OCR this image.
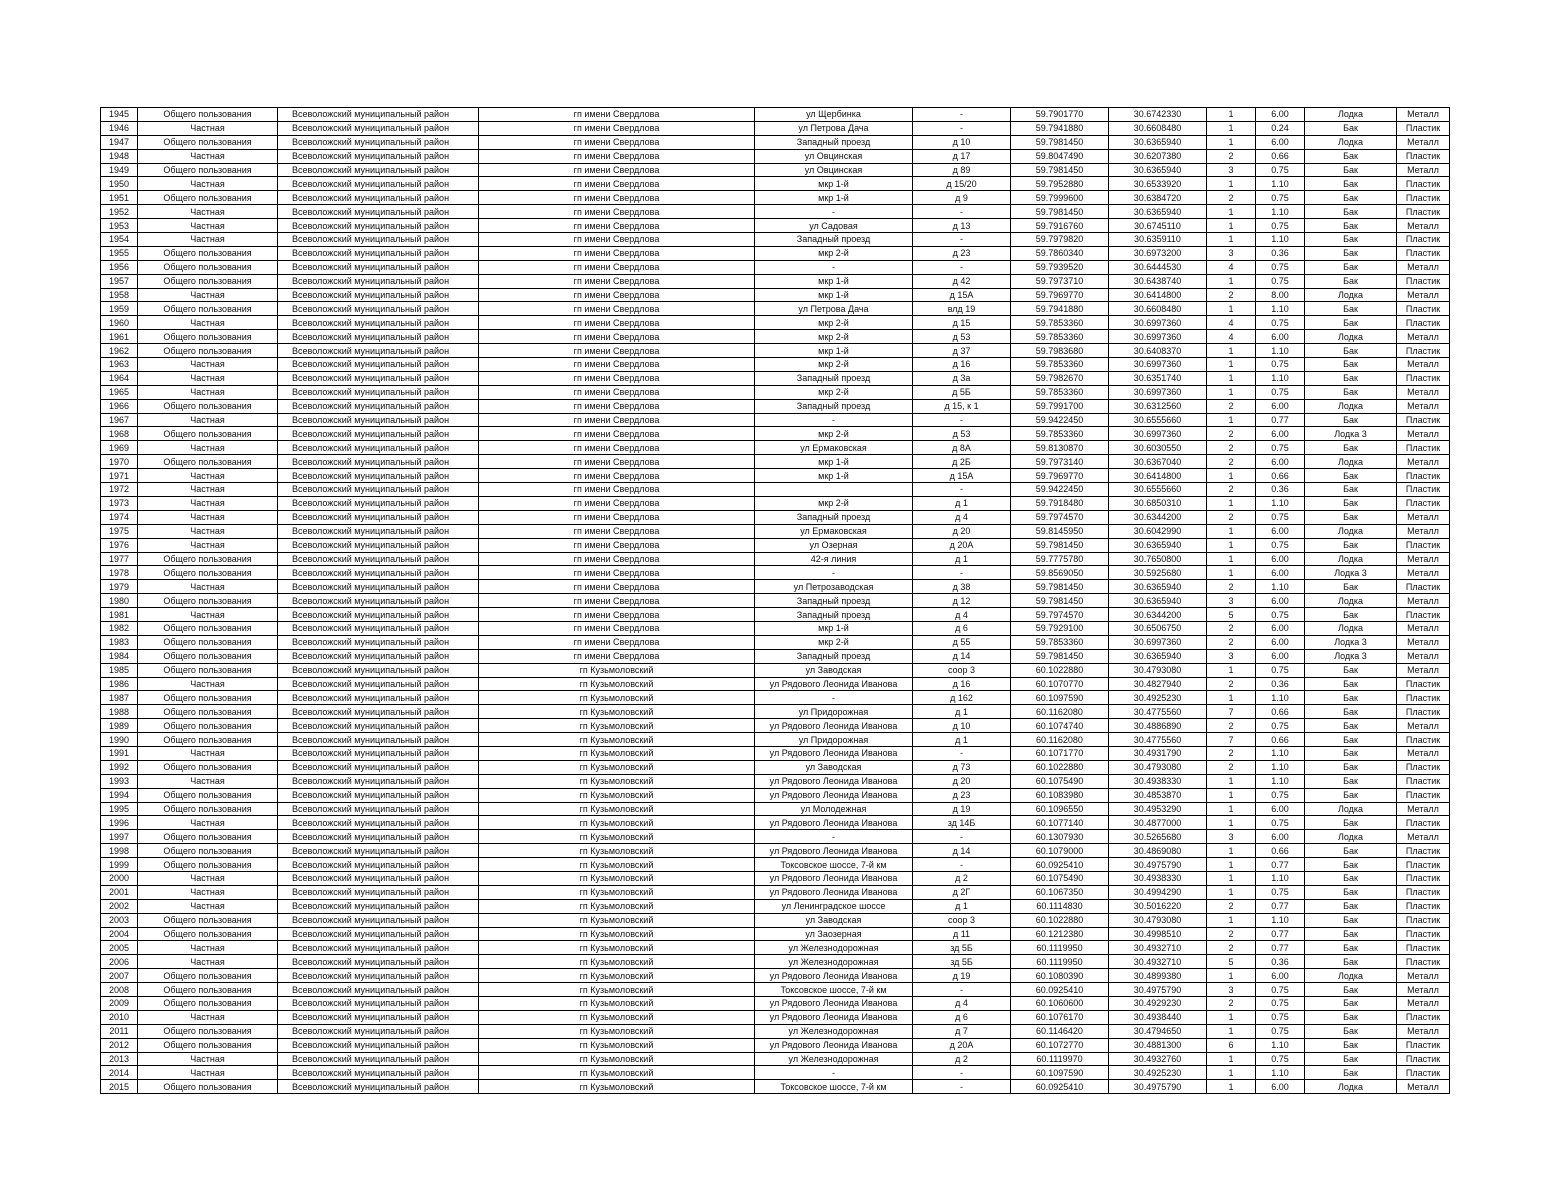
1945	Общего пользования	Всеволожский муниципальный район	гп имени Свердлова	ул Щербинка	-	59.7901770	30.6742330	1	6.00	Лодка	Металл
1946	Частная	Всеволожский муниципальный район	гп имени Свердлова	ул Петрова Дача	-	59.7941880	30.6608480	1	0.24	Бак	Пластик
1947	Общего пользования	Всеволожский муниципальный район	гп имени Свердлова	Западный проезд	д 10	59.7981450	30.6365940	1	6.00	Лодка	Металл
1948	Частная	Всеволожский муниципальный район	гп имени Свердлова	ул Овцинская	д 17	59.8047490	30.6207380	2	0.66	Бак	Пластик
1949	Общего пользования	Всеволожский муниципальный район	гп имени Свердлова	ул Овцинская	д 89	59.7981450	30.6365940	3	0.75	Бак	Металл
1950	Частная	Всеволожский муниципальный район	гп имени Свердлова	мкр 1-й	д 15/20	59.7952880	30.6533920	1	1.10	Бак	Пластик
1951	Общего пользования	Всеволожский муниципальный район	гп имени Свердлова	мкр 1-й	д 9	59.7999600	30.6384720	2	0.75	Бак	Пластик
1952	Частная	Всеволожский муниципальный район	гп имени Свердлова	-	-	59.7981450	30.6365940	1	1.10	Бак	Пластик
1953	Частная	Всеволожский муниципальный район	гп имени Свердлова	ул Садовая	д 13	59.7916760	30.6745110	1	0.75	Бак	Металл
1954	Частная	Всеволожский муниципальный район	гп имени Свердлова	Западный проезд	-	59.7979820	30.6359110	1	1.10	Бак	Пластик
1955	Общего пользования	Всеволожский муниципальный район	гп имени Свердлова	мкр 2-й	д 23	59.7860340	30.6973200	3	0.36	Бак	Пластик
1956	Общего пользования	Всеволожский муниципальный район	гп имени Свердлова	-	-	59.7939520	30.6444530	4	0.75	Бак	Металл
1957	Общего пользования	Всеволожский муниципальный район	гп имени Свердлова	мкр 1-й	д 42	59.7973710	30.6438740	1	0.75	Бак	Пластик
1958	Частная	Всеволожский муниципальный район	гп имени Свердлова	мкр 1-й	д 15А	59.7969770	30.6414800	2	8.00	Лодка	Металл
1959	Общего пользования	Всеволожский муниципальный район	гп имени Свердлова	ул Петрова Дача	влд 19	59.7941880	30.6608480	1	1.10	Бак	Пластик
1960	Частная	Всеволожский муниципальный район	гп имени Свердлова	мкр 2-й	д 15	59.7853360	30.6997360	4	0.75	Бак	Пластик
1961	Общего пользования	Всеволожский муниципальный район	гп имени Свердлова	мкр 2-й	д 53	59.7853360	30.6997360	4	6.00	Лодка	Металл
1962	Общего пользования	Всеволожский муниципальный район	гп имени Свердлова	мкр 1-й	д 37	59.7983680	30.6408370	1	1.10	Бак	Пластик
1963	Частная	Всеволожский муниципальный район	гп имени Свердлова	мкр 2-й	д 16	59.7853360	30.6997360	1	0.75	Бак	Металл
1964	Частная	Всеволожский муниципальный район	гп имени Свердлова	Западный проезд	д 3а	59.7982670	30.6351740	1	1.10	Бак	Пластик
1965	Частная	Всеволожский муниципальный район	гп имени Свердлова	мкр 2-й	д 5Б	59.7853360	30.6997360	1	0.75	Бак	Металл
1966	Общего пользования	Всеволожский муниципальный район	гп имени Свердлова	Западный проезд	д 15, к 1	59.7991700	30.6312560	2	6.00	Лодка	Металл
1967	Частная	Всеволожский муниципальный район	гп имени Свердлова	-	-	59.9422450	30.6555660	1	0.77	Бак	Пластик
1968	Общего пользования	Всеволожский муниципальный район	гп имени Свердлова	мкр 2-й	д 53	59.7853360	30.6997360	2	6.00	Лодка 3	Металл
1969	Частная	Всеволожский муниципальный район	гп имени Свердлова	ул Ермаковская	д 8А	59.8130870	30.6030550	2	0.75	Бак	Пластик
1970	Общего пользования	Всеволожский муниципальный район	гп имени Свердлова	мкр 1-й	д 2Б	59.7973140	30.6367040	2	6.00	Лодка	Металл
1971	Частная	Всеволожский муниципальный район	гп имени Свердлова	мкр 1-й	д 15А	59.7969770	30.6414800	1	0.66	Бак	Пластик
1972	Частная	Всеволожский муниципальный район	гп имени Свердлова		-	59.9422450	30.6555660	2	0.36	Бак	Пластик
1973	Частная	Всеволожский муниципальный район	гп имени Свердлова	мкр 2-й	д 1	59.7918480	30.6850310	1	1.10	Бак	Пластик
1974	Частная	Всеволожский муниципальный район	гп имени Свердлова	Западный проезд	д 4	59.7974570	30.6344200	2	0.75	Бак	Металл
1975	Частная	Всеволожский муниципальный район	гп имени Свердлова	ул Ермаковская	д 20	59.8145950	30.6042990	1	6.00	Лодка	Металл
1976	Частная	Всеволожский муниципальный район	гп имени Свердлова	ул Озерная	д 20А	59.7981450	30.6365940	1	0.75	Бак	Пластик
1977	Общего пользования	Всеволожский муниципальный район	гп имени Свердлова	42-я линия	д 1	59.7775780	30.7650800	1	6.00	Лодка	Металл
1978	Общего пользования	Всеволожский муниципальный район	гп имени Свердлова	-	-	59.8569050	30.5925680	1	6.00	Лодка 3	Металл
1979	Частная	Всеволожский муниципальный район	гп имени Свердлова	ул Петрозаводская	д 38	59.7981450	30.6365940	2	1.10	Бак	Пластик
1980	Общего пользования	Всеволожский муниципальный район	гп имени Свердлова	Западный проезд	д 12	59.7981450	30.6365940	3	6.00	Лодка	Металл
1981	Частная	Всеволожский муниципальный район	гп имени Свердлова	Западный проезд	д 4	59.7974570	30.6344200	5	0.75	Бак	Пластик
1982	Общего пользования	Всеволожский муниципальный район	гп имени Свердлова	мкр 1-й	д 6	59.7929100	30.6506750	2	6.00	Лодка	Металл
1983	Общего пользования	Всеволожский муниципальный район	гп имени Свердлова	мкр 2-й	д 55	59.7853360	30.6997360	2	6.00	Лодка 3	Металл
1984	Общего пользования	Всеволожский муниципальный район	гп имени Свердлова	Западный проезд	д 14	59.7981450	30.6365940	3	6.00	Лодка 3	Металл
1985	Общего пользования	Всеволожский муниципальный район	гп Кузьмоловский	ул Заводская	соор 3	60.1022880	30.4793080	1	0.75	Бак	Металл
1986	Частная	Всеволожский муниципальный район	гп Кузьмоловский	ул Рядового Леонида Иванова	д 16	60.1070770	30.4827940	2	0.36	Бак	Пластик
1987	Общего пользования	Всеволожский муниципальный район	гп Кузьмоловский	-	д 162	60.1097590	30.4925230	1	1.10	Бак	Пластик
1988	Общего пользования	Всеволожский муниципальный район	гп Кузьмоловский	ул Придорожная	д 1	60.1162080	30.4775560	7	0.66	Бак	Пластик
1989	Общего пользования	Всеволожский муниципальный район	гп Кузьмоловский	ул Рядового Леонида Иванова	д 10	60.1074740	30.4886890	2	0.75	Бак	Металл
1990	Общего пользования	Всеволожский муниципальный район	гп Кузьмоловский	ул Придорожная	д 1	60.1162080	30.4775560	7	0.66	Бак	Пластик
1991	Частная	Всеволожский муниципальный район	гп Кузьмоловский	ул Рядового Леонида Иванова	-	60.1071770	30.4931790	2	1.10	Бак	Металл
1992	Общего пользования	Всеволожский муниципальный район	гп Кузьмоловский	ул Заводская	д 73	60.1022880	30.4793080	2	1.10	Бак	Пластик
1993	Частная	Всеволожский муниципальный район	гп Кузьмоловский	ул Рядового Леонида Иванова	д 20	60.1075490	30.4938330	1	1.10	Бак	Пластик
1994	Общего пользования	Всеволожский муниципальный район	гп Кузьмоловский	ул Рядового Леонида Иванова	д 23	60.1083980	30.4853870	1	0.75	Бак	Пластик
1995	Общего пользования	Всеволожский муниципальный район	гп Кузьмоловский	ул Молодежная	д 19	60.1096550	30.4953290	1	6.00	Лодка	Металл
1996	Частная	Всеволожский муниципальный район	гп Кузьмоловский	ул Рядового Леонида Иванова	зд 14Б	60.1077140	30.4877000	1	0.75	Бак	Пластик
1997	Общего пользования	Всеволожский муниципальный район	гп Кузьмоловский	-	-	60.1307930	30.5265680	3	6.00	Лодка	Металл
1998	Общего пользования	Всеволожский муниципальный район	гп Кузьмоловский	ул Рядового Леонида Иванова	д 14	60.1079000	30.4869080	1	0.66	Бак	Пластик
1999	Общего пользования	Всеволожский муниципальный район	гп Кузьмоловский	Токсовское шоссе, 7-й км	-	60.0925410	30.4975790	1	0.77	Бак	Пластик
2000	Частная	Всеволожский муниципальный район	гп Кузьмоловский	ул Рядового Леонида Иванова	д 2	60.1075490	30.4938330	1	1.10	Бак	Пластик
2001	Частная	Всеволожский муниципальный район	гп Кузьмоловский	ул Рядового Леонида Иванова	д 2Г	60.1067350	30.4994290	1	0.75	Бак	Пластик
2002	Частная	Всеволожский муниципальный район	гп Кузьмоловский	ул Ленинградское шоссе	д 1	60.1114830	30.5016220	2	0.77	Бак	Пластик
2003	Общего пользования	Всеволожский муниципальный район	гп Кузьмоловский	ул Заводская	соор 3	60.1022880	30.4793080	1	1.10	Бак	Пластик
2004	Общего пользования	Всеволожский муниципальный район	гп Кузьмоловский	ул Заозерная	д 11	60.1212380	30.4998510	2	0.77	Бак	Пластик
2005	Частная	Всеволожский муниципальный район	гп Кузьмоловский	ул Железнодорожная	зд 5Б	60.1119950	30.4932710	2	0.77	Бак	Пластик
2006	Частная	Всеволожский муниципальный район	гп Кузьмоловский	ул Железнодорожная	зд 5Б	60.1119950	30.4932710	5	0.36	Бак	Пластик
2007	Общего пользования	Всеволожский муниципальный район	гп Кузьмоловский	ул Рядового Леонида Иванова	д 19	60.1080390	30.4899380	1	6.00	Лодка	Металл
2008	Общего пользования	Всеволожский муниципальный район	гп Кузьмоловский	Токсовское шоссе, 7-й км	-	60.0925410	30.4975790	3	0.75	Бак	Металл
2009	Общего пользования	Всеволожский муниципальный район	гп Кузьмоловский	ул Рядового Леонида Иванова	д 4	60.1060600	30.4929230	2	0.75	Бак	Металл
2010	Частная	Всеволожский муниципальный район	гп Кузьмоловский	ул Рядового Леонида Иванова	д 6	60.1076170	30.4938440	1	0.75	Бак	Пластик
2011	Общего пользования	Всеволожский муниципальный район	гп Кузьмоловский	ул Железнодорожная	д 7	60.1146420	30.4794650	1	0.75	Бак	Металл
2012	Общего пользования	Всеволожский муниципальный район	гп Кузьмоловский	ул Рядового Леонида Иванова	д 20А	60.1072770	30.4881300	6	1.10	Бак	Пластик
2013	Частная	Всеволожский муниципальный район	гп Кузьмоловский	ул Железнодорожная	д 2	60.1119970	30.4932760	1	0.75	Бак	Пластик
2014	Частная	Всеволожский муниципальный район	гп Кузьмоловский	-	-	60.1097590	30.4925230	1	1.10	Бак	Пластик
2015	Общего пользования	Всеволожский муниципальный район	гп Кузьмоловский	Токсовское шоссе, 7-й км	-	60.0925410	30.4975790	1	6.00	Лодка	Металл
